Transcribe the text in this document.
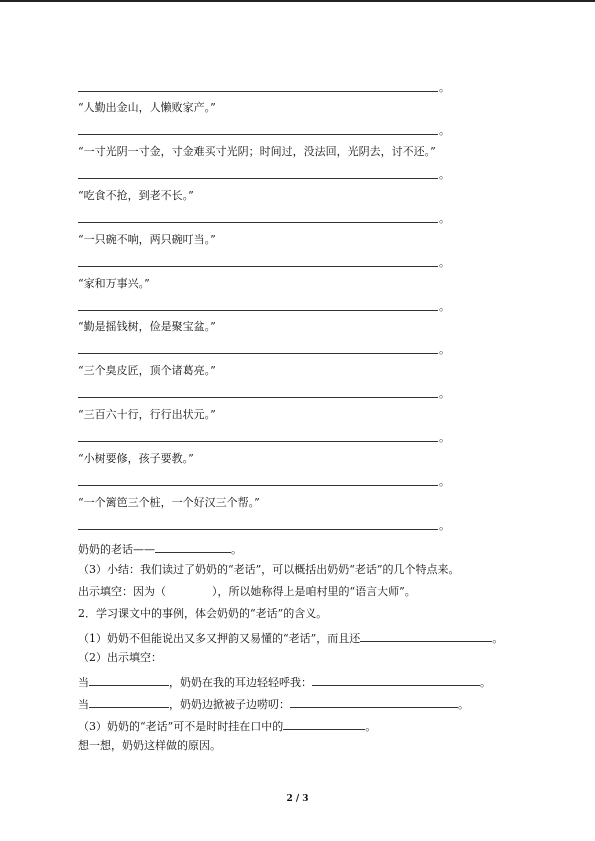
。
“人勤出金山，人懒败家产。”
。
“一寸光阴一寸金，寸金难买寸光阴；时间过，没法回，光阴去，讨不还。”
。
“吃食不抢，到老不长。”
。
“一只碗不响，两只碗叮当。”
。
“家和万事兴。”
。
“勤是摇钱树，俭是聚宝盆。”
。
“三个臭皮匠，顶个诸葛亮。”
。
“三百六十行，行行出状元。”
。
“小树要修，孩子要教。”
。
“一个篱笆三个桩，一个好汉三个帮。”
。
奶奶的老话——	。
（3）小结：我们读过了奶奶的“老话”，可以概括出奶奶“老话”的几个特点来。
出示填空：因为（	），所以她称得上是咱村里的“语言大师”。
2．学习课文中的事例，体会奶奶的“老话”的含义。
（1）奶奶不但能说出又多又押韵又易懂的“老话”，而且还	。
（2）出示填空：
当	，奶奶在我的耳边轻轻呼我：	。
当	，奶奶边掀被子边唠叨：	。
（3）奶奶的“老话”可不是时时挂在口中的	。
想一想，奶奶这样做的原因。
2 / 3
